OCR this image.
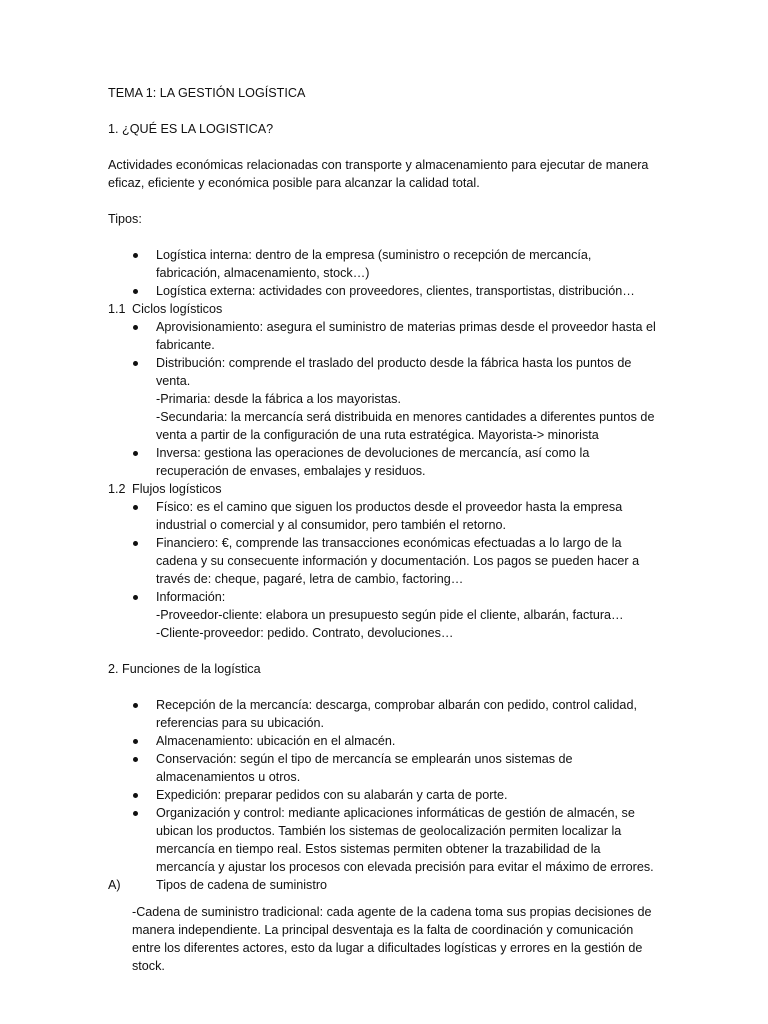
TEMA 1: LA GESTIÓN LOGÍSTICA

1. ¿QUÉ ES LA LOGISTICA?

Actividades económicas relacionadas con transporte y almacenamiento para ejecutar de manera eficaz, eficiente y económica posible para alcanzar la calidad total.

Tipos:

Logística interna: dentro de la empresa (suministro o recepción de mercancía, fabricación, almacenamiento, stock…)
Logística externa: actividades con proveedores, clientes, transportistas, distribución…

1.1 Ciclos logísticos

Aprovisionamiento: asegura el suministro de materias primas desde el proveedor hasta el fabricante.
Distribución: comprende el traslado del producto desde la fábrica hasta los puntos de venta.
-Primaria: desde la fábrica a los mayoristas.
-Secundaria: la mercancía será distribuida en menores cantidades a diferentes puntos de venta a partir de la configuración de una ruta estratégica. Mayorista-> minorista
Inversa: gestiona las operaciones de devoluciones de mercancía, así como la recuperación de envases, embalajes y residuos.

1.2 Flujos logísticos

Físico: es el camino que siguen los productos desde el proveedor hasta la empresa industrial o comercial y al consumidor, pero también el retorno.
Financiero: €, comprende las transacciones económicas efectuadas a lo largo de la cadena y su consecuente información y documentación. Los pagos se pueden hacer a través de: cheque, pagaré, letra de cambio, factoring…
Información:
-Proveedor-cliente: elabora un presupuesto según pide el cliente, albarán, factura…
-Cliente-proveedor: pedido. Contrato, devoluciones…

2. Funciones de la logística

Recepción de la mercancía: descarga, comprobar albarán con pedido, control calidad, referencias para su ubicación.
Almacenamiento: ubicación en el almacén.
Conservación: según el tipo de mercancía se emplearán unos sistemas de almacenamientos u otros.
Expedición: preparar pedidos con su alabarán y carta de porte.
Organización y control: mediante aplicaciones informáticas de gestión de almacén, se ubican los productos. También los sistemas de geolocalización permiten localizar la mercancía en tiempo real. Estos sistemas permiten obtener la trazabilidad de la mercancía y ajustar los procesos con elevada precisión para evitar el máximo de errores.

A)	Tipos de cadena de suministro

-Cadena de suministro tradicional: cada agente de la cadena toma sus propias decisiones de manera independiente. La principal desventaja es la falta de coordinación y comunicación entre los diferentes actores, esto da lugar a dificultades logísticas y errores en la gestión de stock.
